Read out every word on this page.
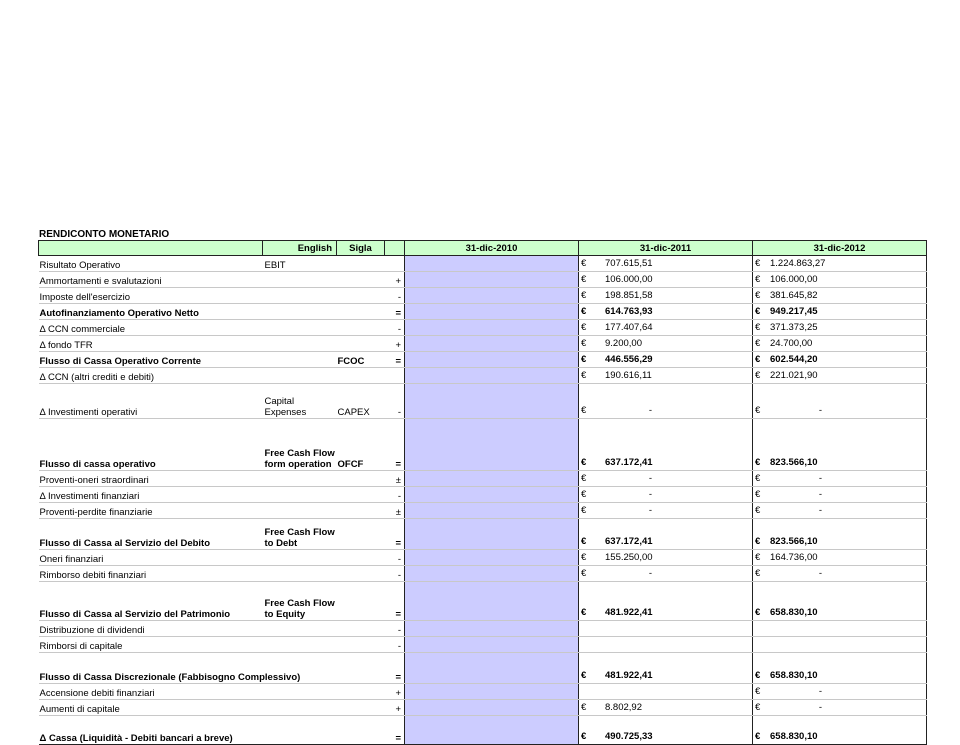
RENDICONTO MONETARIO
	English	Sigla		31-dic-2010	31-dic-2011	31-dic-2012
Risultato Operativo	EBIT				€ 707.615,51	€ 1.224.863,27

Ammortamenti e svalutazioni			+		€ 106.000,00	€ 106.000,00

Imposte dell'esercizio			-		€ 198.851,58	€ 381.645,82

Autofinanziamento Operativo Netto			=		€ 614.763,93	€ 949.217,45

Δ CCN commerciale			-		€ 177.407,64	€ 371.373,25

Δ fondo TFR			+		€ 9.200,00	€ 24.700,00

Flusso di Cassa Operativo Corrente		FCOC	=		€ 446.556,29	€ 602.544,20

Δ CCN (altri crediti e debiti)					€ 190.616,11	€ 221.021,90

Δ Investimenti operativi	Capital Expenses	CAPEX	-		€ -	€ -

Flusso di cassa operativo	Free Cash Flow form operation	OFCF	=		€ 637.172,41	€ 823.566,10

Proventi-oneri straordinari			±		€ -	€ -

Δ Investimenti finanziari			-		€ -	€ -

Proventi-perdite finanziarie			±		€ -	€ -

Flusso di Cassa al Servizio del Debito	Free Cash Flow to Debt		=		€ 637.172,41	€ 823.566,10

Oneri finanziari			-		€ 155.250,00	€ 164.736,00

Rimborso debiti finanziari			-		€ -	€ -

Flusso di Cassa al Servizio del Patrimonio	Free Cash Flow to Equity		=		€ 481.922,41	€ 658.830,10

Distribuzione di dividendi			-			
Rimborsi di capitale			-			
Flusso di Cassa Discrezionale (Fabbisogno Complessivo)			=		€ 481.922,41	€ 658.830,10

Accensione debiti finanziari			+			€ -

Aumenti di capitale			+		€ 8.802,92	€ -

Δ Cassa (Liquidità - Debiti bancari a breve)			=		€ 490.725,33	€ 658.830,10
